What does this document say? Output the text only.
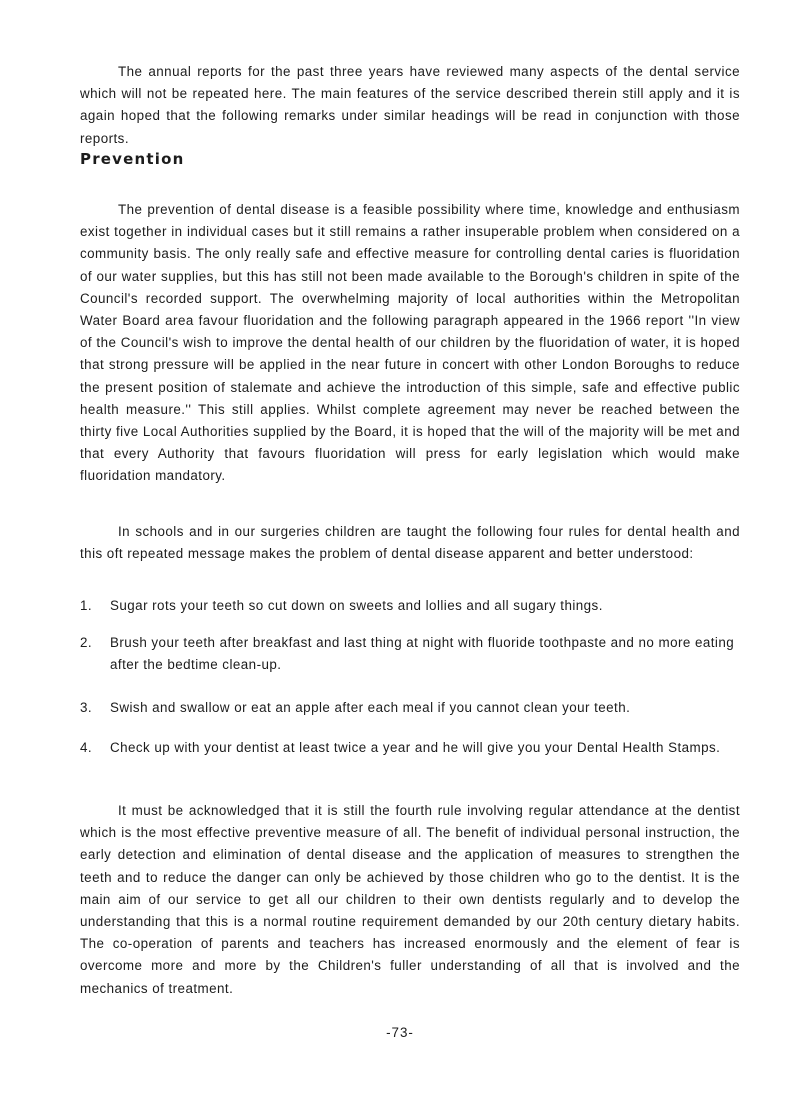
The annual reports for the past three years have reviewed many aspects of the dental service which will not be repeated here. The main features of the service described therein still apply and it is again hoped that the following remarks under similar headings will be read in conjunction with those reports.

Prevention

The prevention of dental disease is a feasible possibility where time, knowledge and enthusiasm exist together in individual cases but it still remains a rather insuperable problem when considered on a community basis. The only really safe and effective measure for controlling dental caries is fluoridation of our water supplies, but this has still not been made available to the Borough's children in spite of the Council's recorded support. The overwhelming majority of local authorities within the Metropolitan Water Board area favour fluoridation and the following paragraph appeared in the 1966 report ''In view of the Council's wish to improve the dental health of our children by the fluoridation of water, it is hoped that strong pressure will be applied in the near future in concert with other London Boroughs to reduce the present position of stalemate and achieve the introduction of this simple, safe and effective public health measure.'' This still applies. Whilst complete agreement may never be reached between the thirty five Local Authorities supplied by the Board, it is hoped that the will of the majority will be met and that every Authority that favours fluoridation will press for early legislation which would make fluoridation mandatory.

In schools and in our surgeries children are taught the following four rules for dental health and this oft repeated message makes the problem of dental disease apparent and better understood:

1.	Sugar rots your teeth so cut down on sweets and lollies and all sugary things.
2.	Brush your teeth after breakfast and last thing at night with fluoride toothpaste and no more eating after the bedtime clean-up.
3.	Swish and swallow or eat an apple after each meal if you cannot clean your teeth.
4.	Check up with your dentist at least twice a year and he will give you your Dental Health Stamps.

It must be acknowledged that it is still the fourth rule involving regular attendance at the dentist which is the most effective preventive measure of all. The benefit of individual personal instruction, the early detection and elimination of dental disease and the application of measures to strengthen the teeth and to reduce the danger can only be achieved by those children who go to the dentist. It is the main aim of our service to get all our children to their own dentists regularly and to develop the understanding that this is a normal routine requirement demanded by our 20th century dietary habits. The co-operation of parents and teachers has increased enormously and the element of fear is overcome more and more by the Children's fuller understanding of all that is involved and the mechanics of treatment.

-73-
